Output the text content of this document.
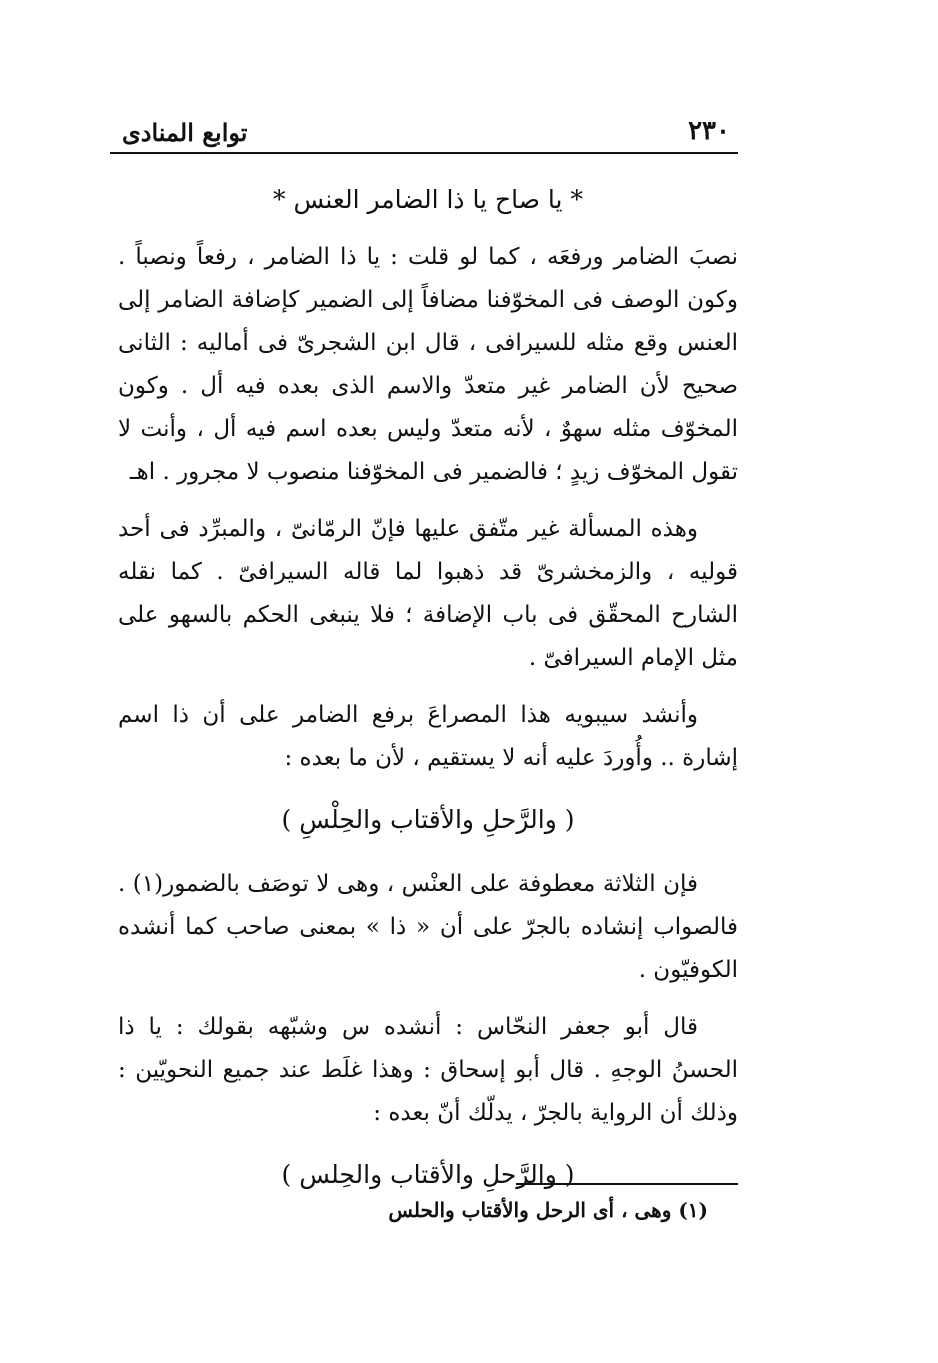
٢٣٠
توابع المنادى
* يا صاح يا ذا الضامر العنس *

نصبَ الضامر ورفعَه ، كما لو قلت : يا ذا الضامر ، رفعاً ونصباً . وكون الوصف فى المخوّفنا مضافاً إلى الضمير كإضافة الضامر إلى العنس وقع مثله للسيرافى ، قال ابن الشجرىّ فى أماليه : الثانى صحيح لأن الضامر غير متعدّ والاسم الذى بعده فيه أل . وكون المخوّف مثله سهوٌ ، لأنه متعدّ وليس بعده اسم فيه أل ، وأنت لا تقول المخوّف زيدٍ ؛ فالضمير فى المخوّفنا منصوب لا مجرور . اهـ

وهذه المسألة غير متّفق عليها فإنّ الرمّانىّ ، والمبرِّد فى أحد قوليه ، والزمخشرىّ قد ذهبوا لما قاله السيرافىّ . كما نقله الشارح المحقّق فى باب الإضافة ؛ فلا ينبغى الحكم بالسهو على مثل الإمام السيرافىّ .

وأنشد سيبويه هذا المصراعَ برفع الضامر على أن ذا اسم إشارة .. وأُوردَ عليه أنه لا يستقيم ، لأن ما بعده :

( والرَّحلِ والأقتاب والحِلْسِ )

فإن الثلاثة معطوفة على العنْس ، وهى لا توصَف بالضمور(١) . فالصواب إنشاده بالجرّ على أن « ذا » بمعنى صاحب كما أنشده الكوفيّون .

قال أبو جعفر النحّاس : أنشده س وشبّهه بقولك : يا ذا الحسنُ الوجهِ . قال أبو إسحاق : وهذا غلَط عند جميع النحويّين : وذلك أن الرواية بالجرّ ، يدلّك أنّ بعده :

( والرَّحلِ والأقتاب والحِلس )
(١) وهى ، أى الرحل والأقتاب والحلس
